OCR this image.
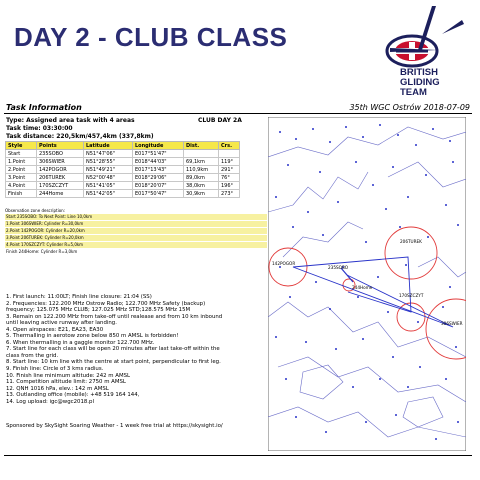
DAY 2 - CLUB CLASS
BRITISH
GLIDING
TEAM
Task Information	35th WGC Ostrów 2018-07-09
Type: Assigned area task with 4 areas	CLUB DAY 2A
Task time: 03:30:00
Task distance: 220,5km/457,4km (337,8km)
Style	Points	Latitude	Longitude	Dist.	Crs.
Start	235SOBO	N51°47'06"	E017°51'47"		
1.Point	306SWIER	N51°28'55"	E018°44'03"	69,1km	119°
2.Point	142POGOR	N51°49'21"	E017°13'43"	110,9km	291°
3.Point	206TUREK	N52°00'48"	E018°29'06"	89,0km	76°
4.Point	170SZCZYT	N51°41'05"	E018°20'07"	38,0km	196°
Finish	244Home	N51°42'05"	E017°50'47"	30,9km	273°
Observation zone description:
Start 235SOBO: To Next Point: Line 10,0km
1.Point 306SWIER: Cylinder R=30,0km
2.Point 142POGOR: Cylinder R=20,0km
3.Point 206TUREK: Cylinder R=20,0km
4.Point 170SZCZYT: Cylinder R=5,0km
Finish 244Home: Cylinder R=3,0km
1. First launch: 11:00LT; Finish line closure: 21:04 (SS)
2. Frequencies: 122.200 MHz Ostrow Radio; 122.700 MHz Safety (backup)
frequency; 125.075 MHz CLUB; 127.025 MHz STD;128.575 MHz 15M
3. Remain on 122.200 MHz from take-off until realease and from 10 km inbound
until leaving active runway after landing.
4. Open airspaces: E21, EA23, EA30
5. Thermalling in aerotow zone below 850 m AMSL is forbidden!
6. When thermalling in a gaggle monitor 122.700 MHz.
7. Start line for each class will be open 20 minutes after last take-off within the
class from the grid.
8. Start line: 10 km line with the centre at start point, perpendicular to first leg.
9. Finish line: Circle of 3 kms radius.
10. Finish line minimum altitude: 242 m AMSL
11. Competition altitude limit: 2750 m AMSL
12. QNH 1016 hPa, elev.: 142 m AMSL
13. Outlanding office (mobile): +48 519 164 144,
14. Log upload: igc@wgc2018.pl
Sponsored by SkySight Soaring Weather - 1 week free trial at https://skysight.io/
235SOBO
306SWIER
142POGOR
206TUREK
170SZCZYT
244Home
